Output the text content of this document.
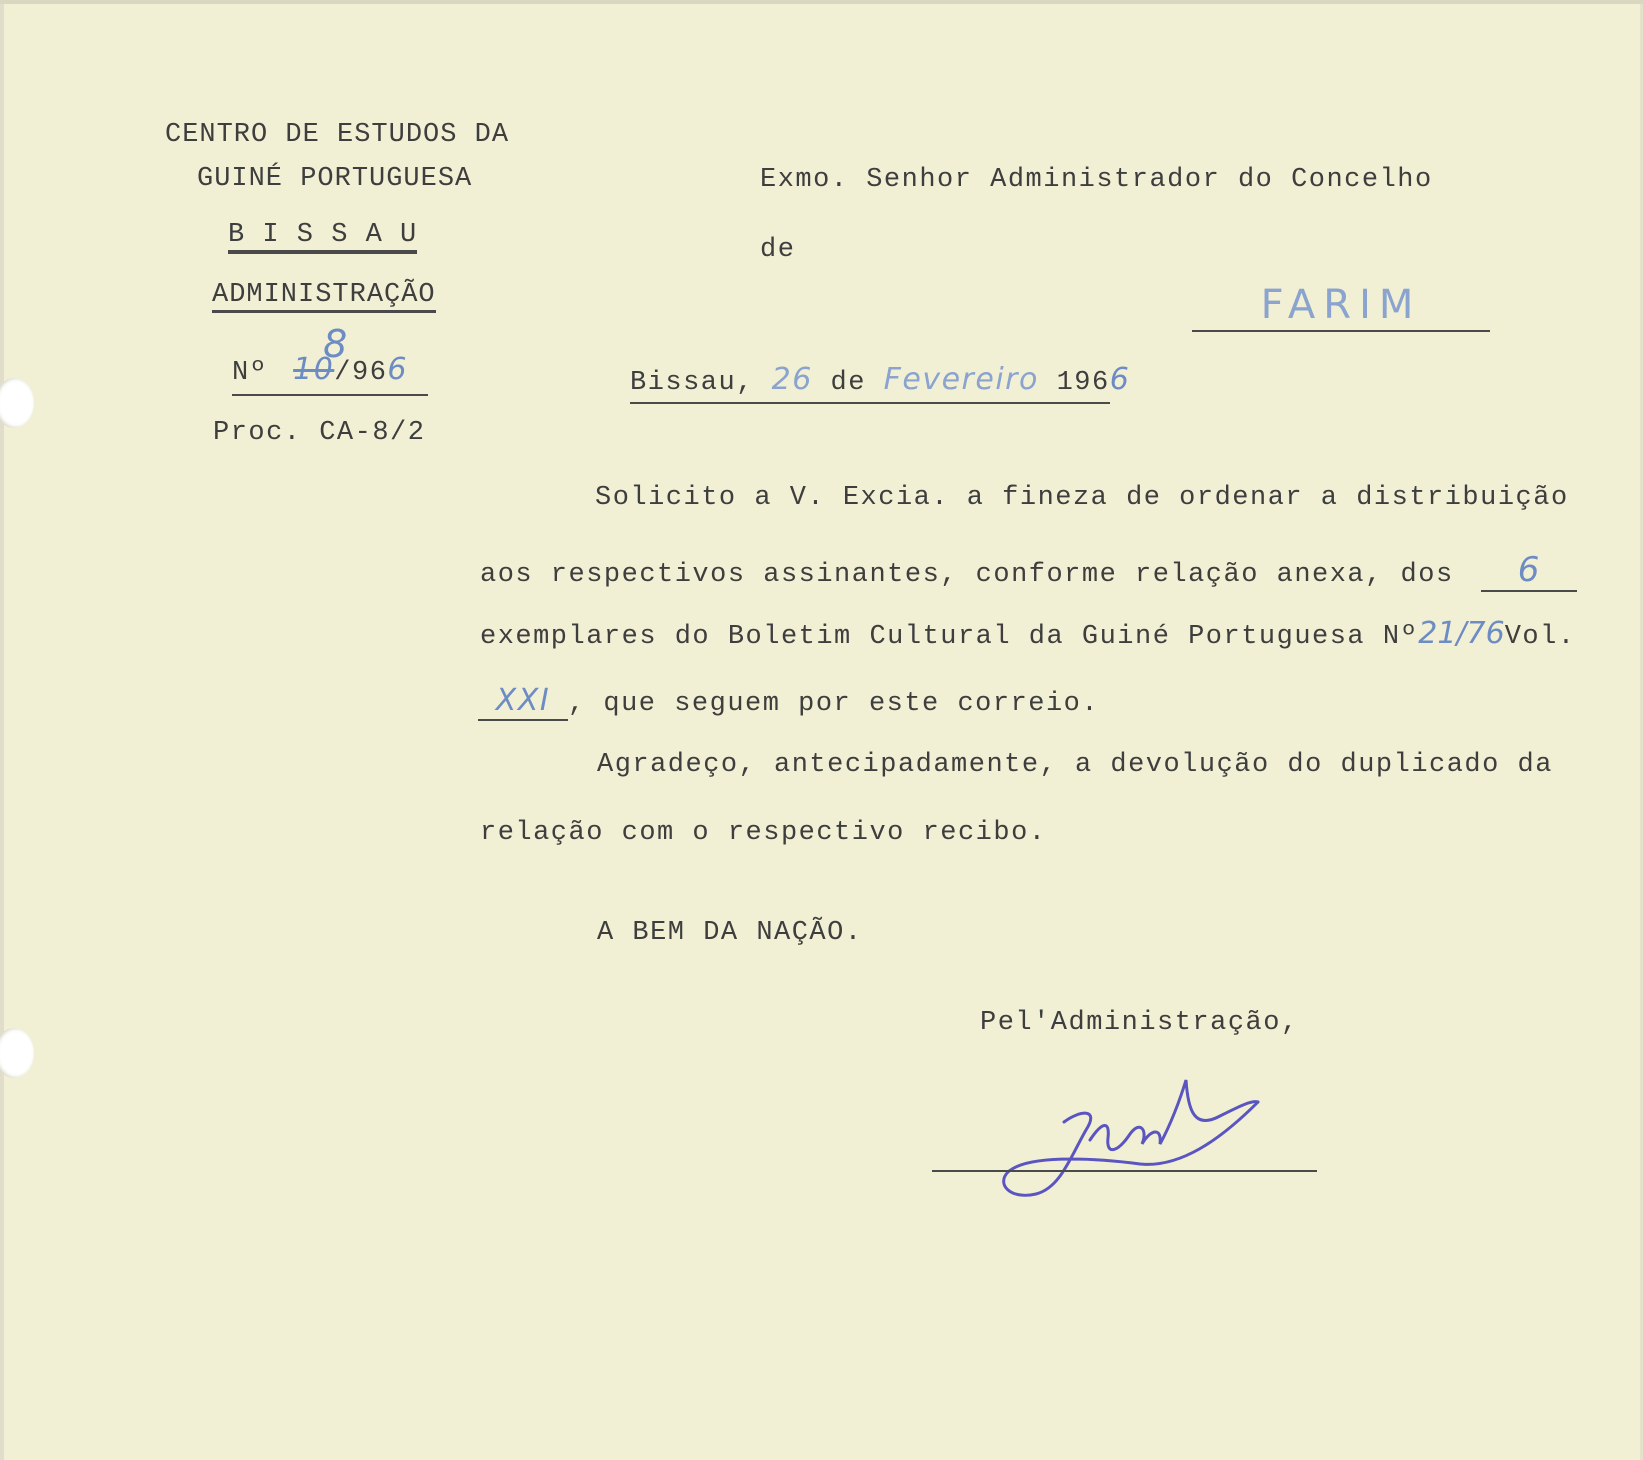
CENTRO DE ESTUDOS DA
GUINÉ PORTUGUESA
B I S S A U
ADMINISTRAÇÃO
Nº 10
8
/966
Proc. CA-8/2
Exmo. Senhor Administrador do Concelho
de
FARIM
Bissau, 26 de Fevereiro 1966
Solicito a V. Excia. a fineza de ordenar a distribuição
aos respectivos assinantes, conforme relação anexa, dos 6
exemplares do Boletim Cultural da Guiné Portuguesa Nº21/76Vol.
XXI , que seguem por este correio.
Agradeço, antecipadamente, a devolução do duplicado da
relação com o respectivo recibo.
A BEM DA NAÇÃO.
Pel'Administração,
